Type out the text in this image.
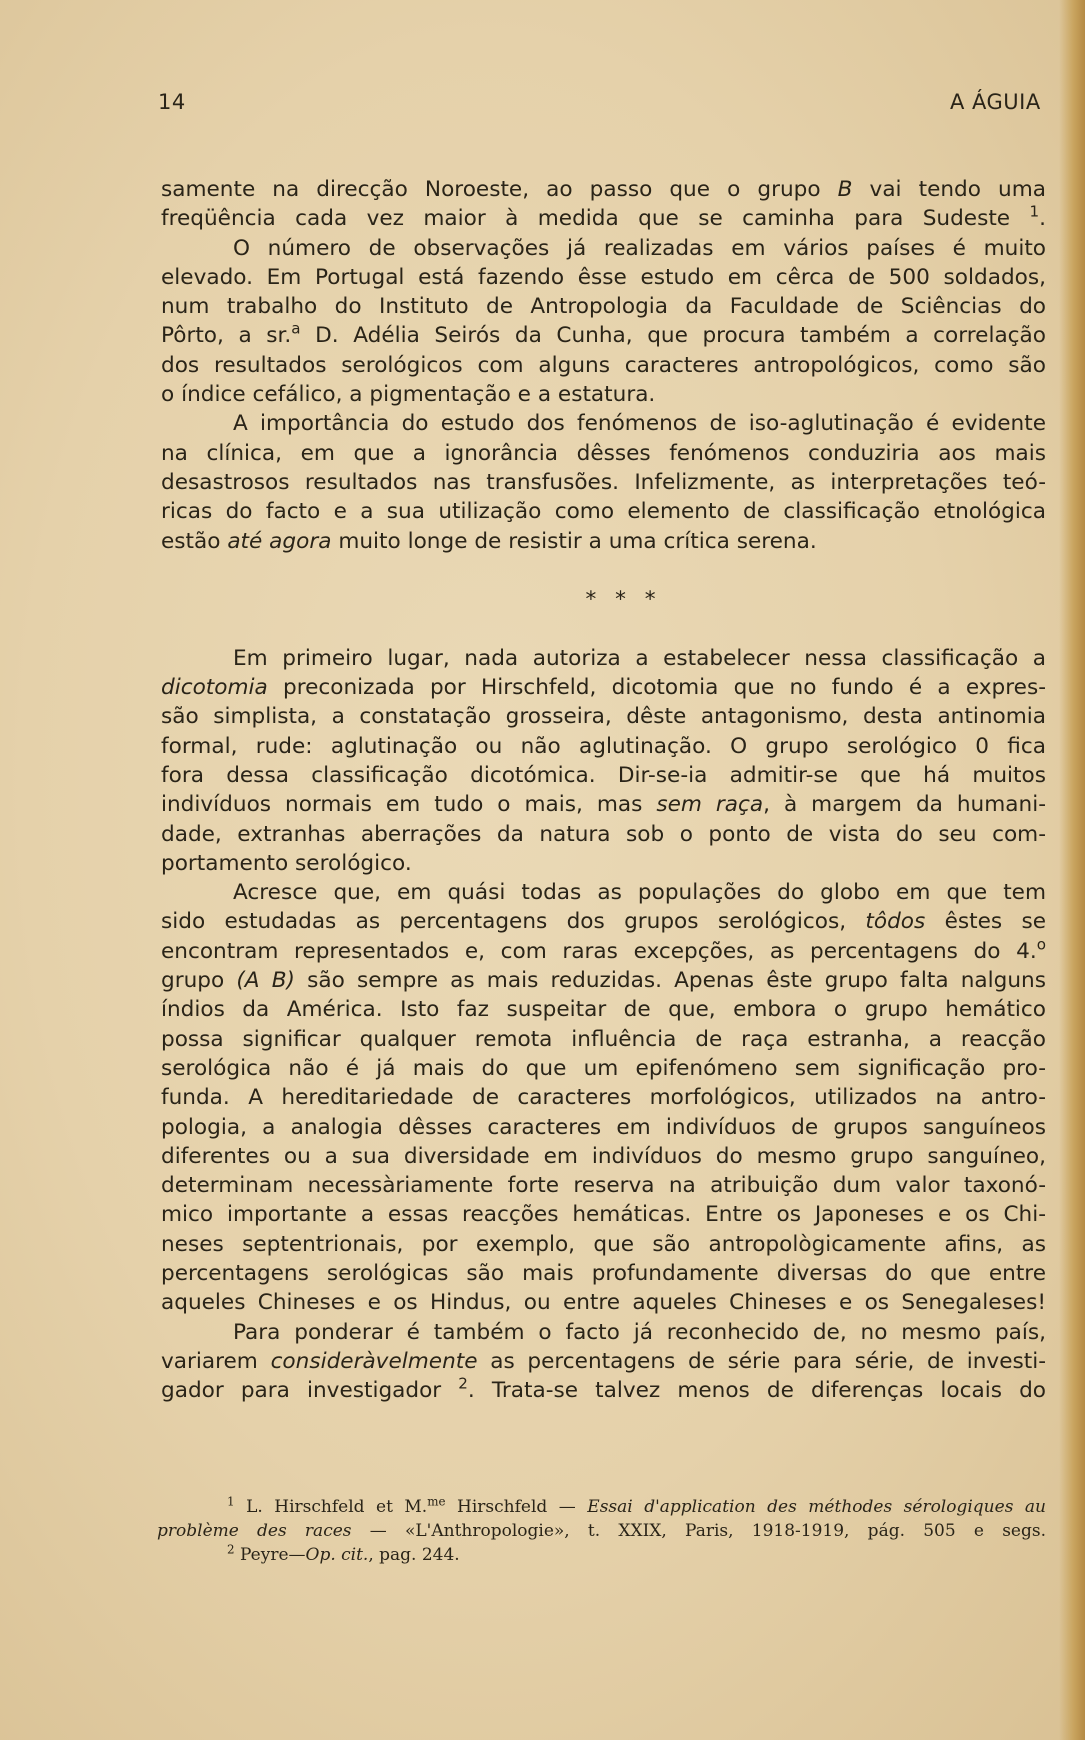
14	A ÁGUIA
samente na direcção Noroeste, ao passo que o grupo B vai tendo uma
freqüência cada vez maior à medida que se caminha para Sudeste $^1$.
O número de observações já realizadas em vários países é muito
elevado. Em Portugal está fazendo êsse estudo em cêrca de 500 soldados,
num trabalho do Instituto de Antropologia da Faculdade de Sciências do
Pôrto, a sr.$^a$ D. Adélia Seirós da Cunha, que procura também a correlação
dos resultados serológicos com alguns caracteres antropológicos, como são
o índice cefálico, a pigmentação e a estatura.
A importância do estudo dos fenómenos de iso-aglutinação é evidente
na clínica, em que a ignorância dêsses fenómenos conduziria aos mais
desastrosos resultados nas transfusões. Infelizmente, as interpretações teó-
ricas do facto e a sua utilização como elemento de classificação etnológica
estão até agora muito longe de resistir a uma crítica serena.
* * *
Em primeiro lugar, nada autoriza a estabelecer nessa classificação a
dicotomia preconizada por Hirschfeld, dicotomia que no fundo é a expres-
são simplista, a constatação grosseira, dêste antagonismo, desta antinomia
formal, rude: aglutinação ou não aglutinação. O grupo serológico 0 fica
fora dessa classificação dicotómica. Dir-se-ia admitir-se que há muitos
indivíduos normais em tudo o mais, mas sem raça, à margem da humani-
dade, extranhas aberrações da natura sob o ponto de vista do seu com-
portamento serológico.
Acresce que, em quási todas as populações do globo em que tem
sido estudadas as percentagens dos grupos serológicos, tôdos êstes se
encontram representados e, com raras excepções, as percentagens do 4.$^o$
grupo (A B) são sempre as mais reduzidas. Apenas êste grupo falta nalguns
índios da América. Isto faz suspeitar de que, embora o grupo hemático
possa significar qualquer remota influência de raça estranha, a reacção
serológica não é já mais do que um epifenómeno sem significação pro-
funda. A hereditariedade de caracteres morfológicos, utilizados na antro-
pologia, a analogia dêsses caracteres em indivíduos de grupos sanguíneos
diferentes ou a sua diversidade em indivíduos do mesmo grupo sanguíneo,
determinam necessàriamente forte reserva na atribuição dum valor taxonó-
mico importante a essas reacções hemáticas. Entre os Japoneses e os Chi-
neses septentrionais, por exemplo, que são antropològicamente afins, as
percentagens serológicas são mais profundamente diversas do que entre
aqueles Chineses e os Hindus, ou entre aqueles Chineses e os Senegaleses!
Para ponderar é também o facto já reconhecido de, no mesmo país,
variarem consideràvelmente as percentagens de série para série, de investi-
gador para investigador $^2$. Trata-se talvez menos de diferenças locais do
$^1$ L. Hirschfeld et M.$^{me}$ Hirschfeld — Essai d'application des méthodes sérologiques au
problème des races — «L'Anthropologie», t. XXIX, Paris, 1918-1919, pág. 505 e segs.
$^2$ Peyre—Op. cit., pag. 244.
